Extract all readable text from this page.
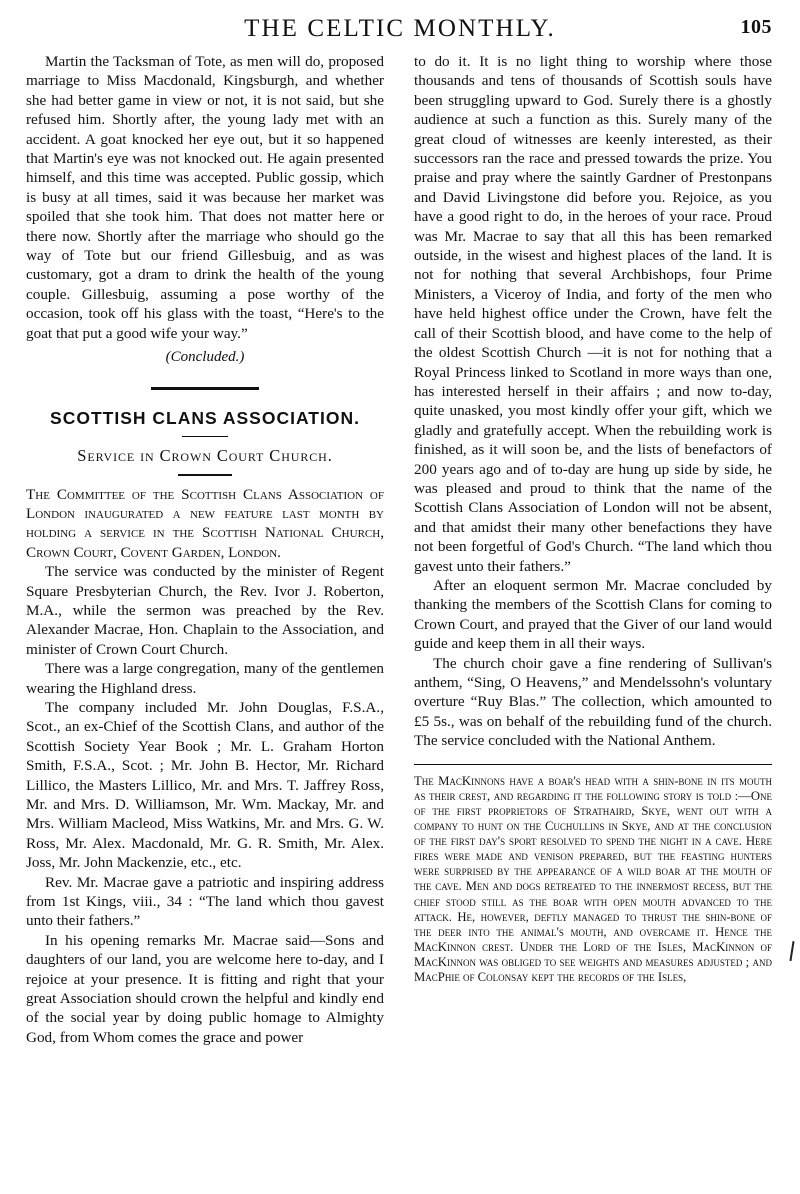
THE CELTIC MONTHLY.	105

Martin the Tacksman of Tote, as men will do, proposed marriage to Miss Macdonald, Kingsburgh, and whether she had better game in view or not, it is not said, but she refused him. Shortly after, the young lady met with an accident. A goat knocked her eye out, but it so happened that Martin's eye was not knocked out. He again presented himself, and this time was accepted. Public gossip, which is busy at all times, said it was because her market was spoiled that she took him. That does not matter here or there now. Shortly after the marriage who should go the way of Tote but our friend Gillesbuig, and as was customary, got a dram to drink the health of the young couple. Gillesbuig, assuming a pose worthy of the occasion, took off his glass with the toast, “Here's to the goat that put a good wife your way.”

(Concluded.)

SCOTTISH CLANS ASSOCIATION.
Service in Crown Court Church.

The Committee of the Scottish Clans Association of London inaugurated a new feature last month by holding a service in the Scottish National Church, Crown Court, Covent Garden, London.

The service was conducted by the minister of Regent Square Presbyterian Church, the Rev. Ivor J. Roberton, M.A., while the sermon was preached by the Rev. Alexander Macrae, Hon. Chaplain to the Association, and minister of Crown Court Church.

There was a large congregation, many of the gentlemen wearing the Highland dress.

The company included Mr. John Douglas, F.S.A., Scot., an ex-Chief of the Scottish Clans, and author of the Scottish Society Year Book ; Mr. L. Graham Horton Smith, F.S.A., Scot. ; Mr. John B. Hector, Mr. Richard Lillico, the Masters Lillico, Mr. and Mrs. T. Jaffrey Ross, Mr. and Mrs. D. Williamson, Mr. Wm. Mackay, Mr. and Mrs. William Macleod, Miss Watkins, Mr. and Mrs. G. W. Ross, Mr. Alex. Macdonald, Mr. G. R. Smith, Mr. Alex. Joss, Mr. John Mackenzie, etc., etc.

Rev. Mr. Macrae gave a patriotic and inspiring address from 1st Kings, viii., 34 : “The land which thou gavest unto their fathers.”

In his opening remarks Mr. Macrae said—Sons and daughters of our land, you are welcome here to-day, and I rejoice at your presence. It is fitting and right that your great Association should crown the helpful and kindly end of the social year by doing public homage to Almighty God, from Whom comes the grace and power

to do it. It is no light thing to worship where those thousands and tens of thousands of Scottish souls have been struggling upward to God. Surely there is a ghostly audience at such a function as this. Surely many of the great cloud of witnesses are keenly interested, as their successors ran the race and pressed towards the prize. You praise and pray where the saintly Gardner of Prestonpans and David Livingstone did before you. Rejoice, as you have a good right to do, in the heroes of your race. Proud was Mr. Macrae to say that all this has been remarked outside, in the wisest and highest places of the land. It is not for nothing that several Archbishops, four Prime Ministers, a Viceroy of India, and forty of the men who have held highest office under the Crown, have felt the call of their Scottish blood, and have come to the help of the oldest Scottish Church —it is not for nothing that a Royal Princess linked to Scotland in more ways than one, has interested herself in their affairs ; and now to-day, quite unasked, you most kindly offer your gift, which we gladly and gratefully accept. When the rebuilding work is finished, as it will soon be, and the lists of benefactors of 200 years ago and of to-day are hung up side by side, he was pleased and proud to think that the name of the Scottish Clans Association of London will not be absent, and that amidst their many other benefactions they have not been forgetful of God's Church. “The land which thou gavest unto their fathers.”

After an eloquent sermon Mr. Macrae concluded by thanking the members of the Scottish Clans for coming to Crown Court, and prayed that the Giver of our land would guide and keep them in all their ways.

The church choir gave a fine rendering of Sullivan's anthem, “Sing, O Heavens,” and Mendelssohn's voluntary overture “Ruy Blas.” The collection, which amounted to £5 5s., was on behalf of the rebuilding fund of the church. The service concluded with the National Anthem.

The MacKinnons have a boar's head with a shin-bone in its mouth as their crest, and regarding it the following story is told :—One of the first proprietors of Strathaird, Skye, went out with a company to hunt on the Cuchullins in Skye, and at the conclusion of the first day's sport resolved to spend the night in a cave. Here fires were made and venison prepared, but the feasting hunters were surprised by the appearance of a wild boar at the mouth of the cave. Men and dogs retreated to the innermost recess, but the chief stood still as the boar with open mouth advanced to the attack. He, however, deftly managed to thrust the shin-bone of the deer into the animal's mouth, and overcame it. Hence the MacKinnon crest. Under the Lord of the Isles, MacKinnon of MacKinnon was obliged to see weights and measures adjusted ; and MacPhie of Colonsay kept the records of the Isles,
